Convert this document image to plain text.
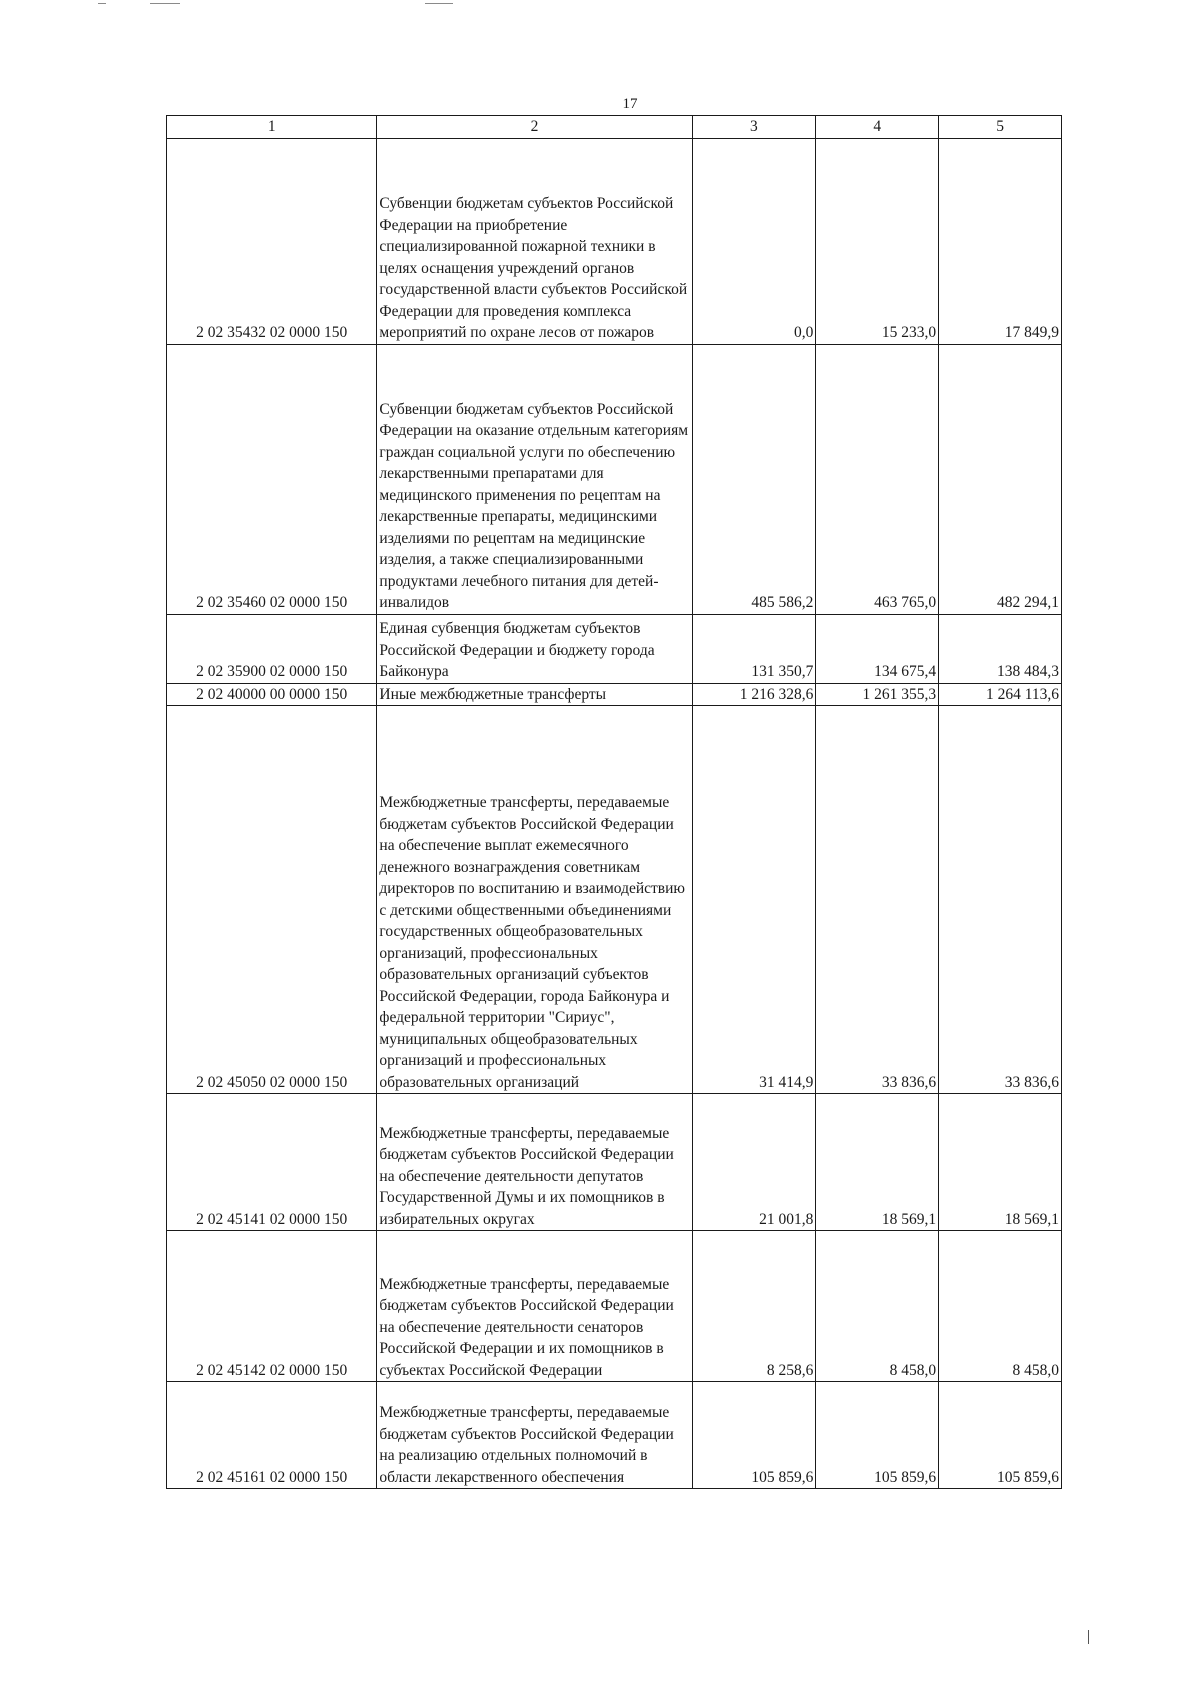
17
1	2	3	4	5
2 02 35432 02 0000 150	Субвенции бюджетам субъектов Российской Федерации на приобретение специализированной пожарной техники в целях оснащения учреждений органов государственной власти субъектов Российской Федерации для проведения комплекса мероприятий по охране лесов от пожаров	0,0	15 233,0	17 849,9
2 02 35460 02 0000 150	Субвенции бюджетам субъектов Российской Федерации на оказание отдельным категориям граждан социальной услуги по обеспечению лекарственными препаратами для медицинского применения по рецептам на лекарственные препараты, медицинскими изделиями по рецептам на медицинские изделия, а также специализированными продуктами лечебного питания для детей-инвалидов	485 586,2	463 765,0	482 294,1
2 02 35900 02 0000 150	Единая субвенция бюджетам субъектов Российской Федерации и бюджету города Байконура	131 350,7	134 675,4	138 484,3
2 02 40000 00 0000 150	Иные межбюджетные трансферты	1 216 328,6	1 261 355,3	1 264 113,6
2 02 45050 02 0000 150	Межбюджетные трансферты, передаваемые бюджетам субъектов Российской Федерации на обеспечение выплат ежемесячного денежного вознаграждения советникам директоров по воспитанию и взаимодействию с детскими общественными объединениями государственных общеобразовательных организаций, профессиональных образовательных организаций субъектов Российской Федерации, города Байконура и федеральной территории "Сириус", муниципальных общеобразовательных организаций и профессиональных образовательных организаций	31 414,9	33 836,6	33 836,6
2 02 45141 02 0000 150	Межбюджетные трансферты, передаваемые бюджетам субъектов Российской Федерации на обеспечение деятельности депутатов Государственной Думы и их помощников в избирательных округах	21 001,8	18 569,1	18 569,1
2 02 45142 02 0000 150	Межбюджетные трансферты, передаваемые бюджетам субъектов Российской Федерации на обеспечение деятельности сенаторов Российской Федерации и их помощников в субъектах Российской Федерации	8 258,6	8 458,0	8 458,0
2 02 45161 02 0000 150	Межбюджетные трансферты, передаваемые бюджетам субъектов Российской Федерации на реализацию отдельных полномочий в области лекарственного обеспечения	105 859,6	105 859,6	105 859,6
